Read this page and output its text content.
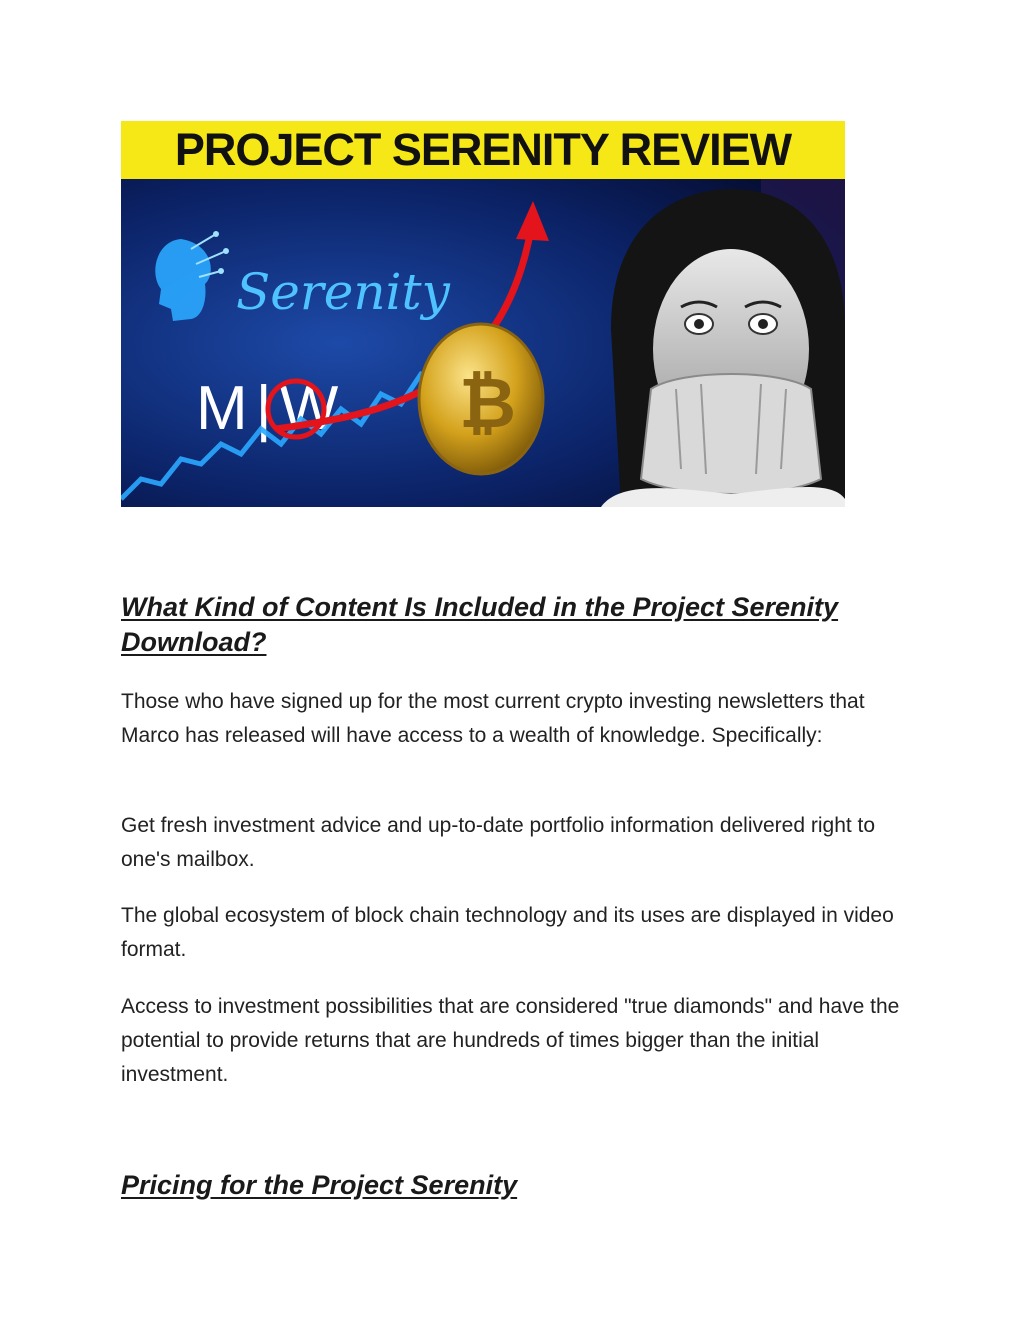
PROJECT SERENITY REVIEW
Serenity
M|W ₿
What Kind of Content Is Included in the Project Serenity Download?

Those who have signed up for the most current crypto investing newsletters that Marco has released will have access to a wealth of knowledge. Specifically:

Get fresh investment advice and up-to-date portfolio information delivered right to one's mailbox.

The global ecosystem of block chain technology and its uses are displayed in video format.

Access to investment possibilities that are considered "true diamonds" and have the potential to provide returns that are hundreds of times bigger than the initial investment.

Pricing for the Project Serenity
